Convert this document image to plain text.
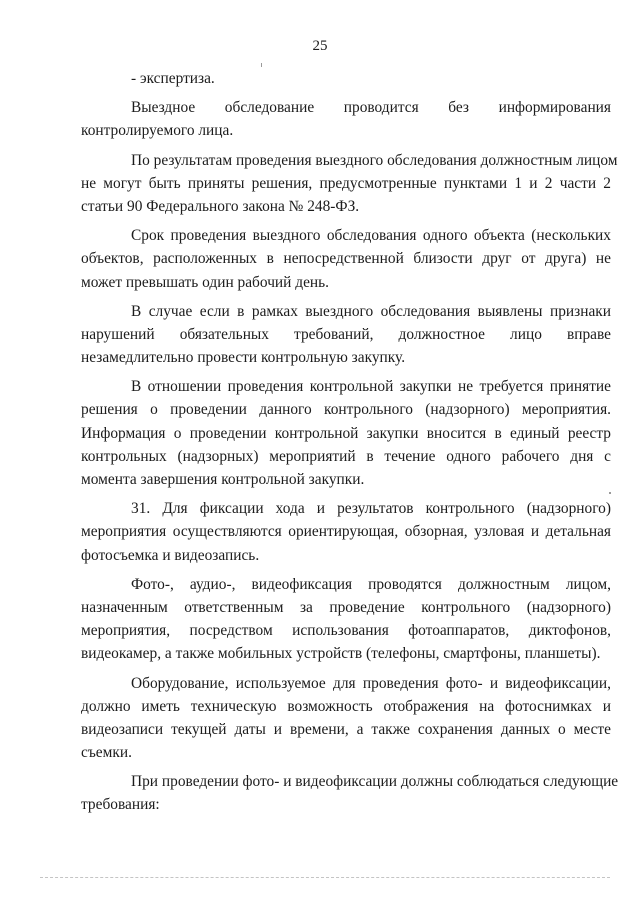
25
- экспертиза.
Выездное обследование проводится без информирования
контролируемого лица.
По результатам проведения выездного обследования должностным лицом
не могут быть приняты решения, предусмотренные пунктами 1 и 2 части 2
статьи 90 Федерального закона № 248-ФЗ.
Срок проведения выездного обследования одного объекта (нескольких
объектов, расположенных в непосредственной близости друг от друга) не
может превышать один рабочий день.
В случае если в рамках выездного обследования выявлены признаки
нарушений обязательных требований, должностное лицо вправе
незамедлительно провести контрольную закупку.
В отношении проведения контрольной закупки не требуется принятие
решения о проведении данного контрольного (надзорного) мероприятия.
Информация о проведении контрольной закупки вносится в единый реестр
контрольных (надзорных) мероприятий в течение одного рабочего дня с
момента завершения контрольной закупки.
31. Для фиксации хода и результатов контрольного (надзорного)
мероприятия осуществляются ориентирующая, обзорная, узловая и детальная
фотосъемка и видеозапись.
Фото-, аудио-, видеофиксация проводятся должностным лицом,
назначенным ответственным за проведение контрольного (надзорного)
мероприятия, посредством использования фотоаппаратов, диктофонов,
видеокамер, а также мобильных устройств (телефоны, смартфоны, планшеты).
Оборудование, используемое для проведения фото- и видеофиксации,
должно иметь техническую возможность отображения на фотоснимках и
видеозаписи текущей даты и времени, а также сохранения данных о месте
съемки.
При проведении фото- и видеофиксации должны соблюдаться следующие
требования:
